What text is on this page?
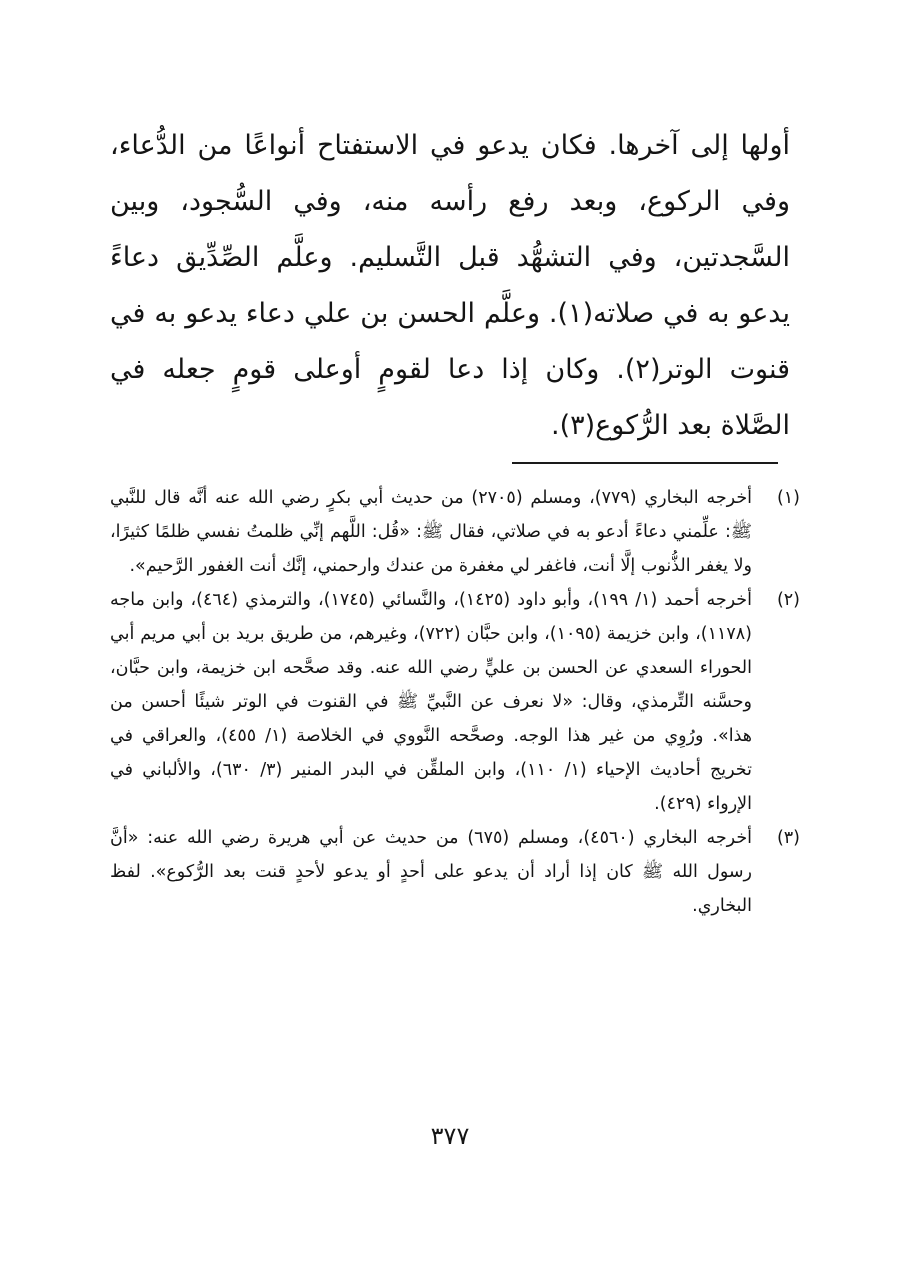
أولها إلى آخرها. فكان يدعو في الاستفتاح أنواعًا من الدُّعاء، وفي الركوع، وبعد رفع رأسه منه، وفي السُّجود، وبين السَّجدتين، وفي التشهُّد قبل التَّسليم. وعلَّم الصِّدِّيق دعاءً يدعو به في صلاته(١). وعلَّم الحسن بن علي دعاء يدعو به في قنوت الوتر(٢). وكان إذا دعا لقومٍ أوعلى قومٍ جعله في الصَّلاة بعد الرُّكوع(٣).

(١)
أخرجه البخاري (٧٧٩)، ومسلم (٢٧٠٥) من حديث أبي بكرٍ رضي الله عنه أنَّه قال للنَّبي ﷺ: علِّمني دعاءً أدعو به في صلاتي، فقال ﷺ: «قُل: اللَّهم إنِّي ظلمتُ نفسي ظلمًا كثيرًا، ولا يغفر الذُّنوب إلَّا أنت، فاغفر لي مغفرة من عندك وارحمني، إنَّك أنت الغفور الرَّحيم».
(٢)
أخرجه أحمد (١/ ١٩٩)، وأبو داود (١٤٢٥)، والنَّسائي (١٧٤٥)، والترمذي (٤٦٤)، وابن ماجه (١١٧٨)، وابن خزيمة (١٠٩٥)، وابن حبَّان (٧٢٢)، وغيرهم، من طريق بريد بن أبي مريم أبي الحوراء السعدي عن الحسن بن عليٍّ رضي الله عنه. وقد صحَّحه ابن خزيمة، وابن حبَّان، وحسَّنه التِّرمذي، وقال: «لا نعرف عن النَّبيِّ ﷺ في القنوت في الوتر شيئًا أحسن من هذا». ورُوِي من غير هذا الوجه. وصحَّحه النَّووي في الخلاصة (١/ ٤٥٥)، والعراقي في تخريج أحاديث الإحياء (١/ ١١٠)، وابن الملقِّن في البدر المنير (٣/ ٦٣٠)، والألباني في الإرواء (٤٢٩).
(٣)
أخرجه البخاري (٤٥٦٠)، ومسلم (٦٧٥) من حديث عن أبي هريرة رضي الله عنه: «أنَّ رسول الله ﷺ كان إذا أراد أن يدعو على أحدٍ أو يدعو لأحدٍ قنت بعد الرُّكوع». لفظ البخاري.
٣٧٧
